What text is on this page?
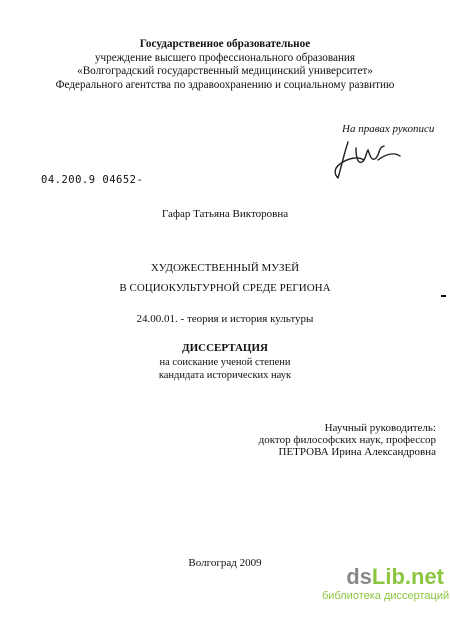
Государственное образовательное
учреждение высшего профессионального образования
«Волгоградский государственный медицинский университет»
Федерального агентства по здравоохранению и социальному развитию
На правах рукописи
04.200.9 04652-
Гафар Татьяна Викторовна
ХУДОЖЕСТВЕННЫЙ МУЗЕЙ
В СОЦИОКУЛЬТУРНОЙ СРЕДЕ РЕГИОНА
24.00.01. - теория и история культуры
ДИССЕРТАЦИЯ
на соискание ученой степени
кандидата исторических наук
Научный руководитель:
доктор философских наук, профессор
ПЕТРОВА Ирина Александровна
Волгоград 2009
dsLib.net
библиотека диссертаций
